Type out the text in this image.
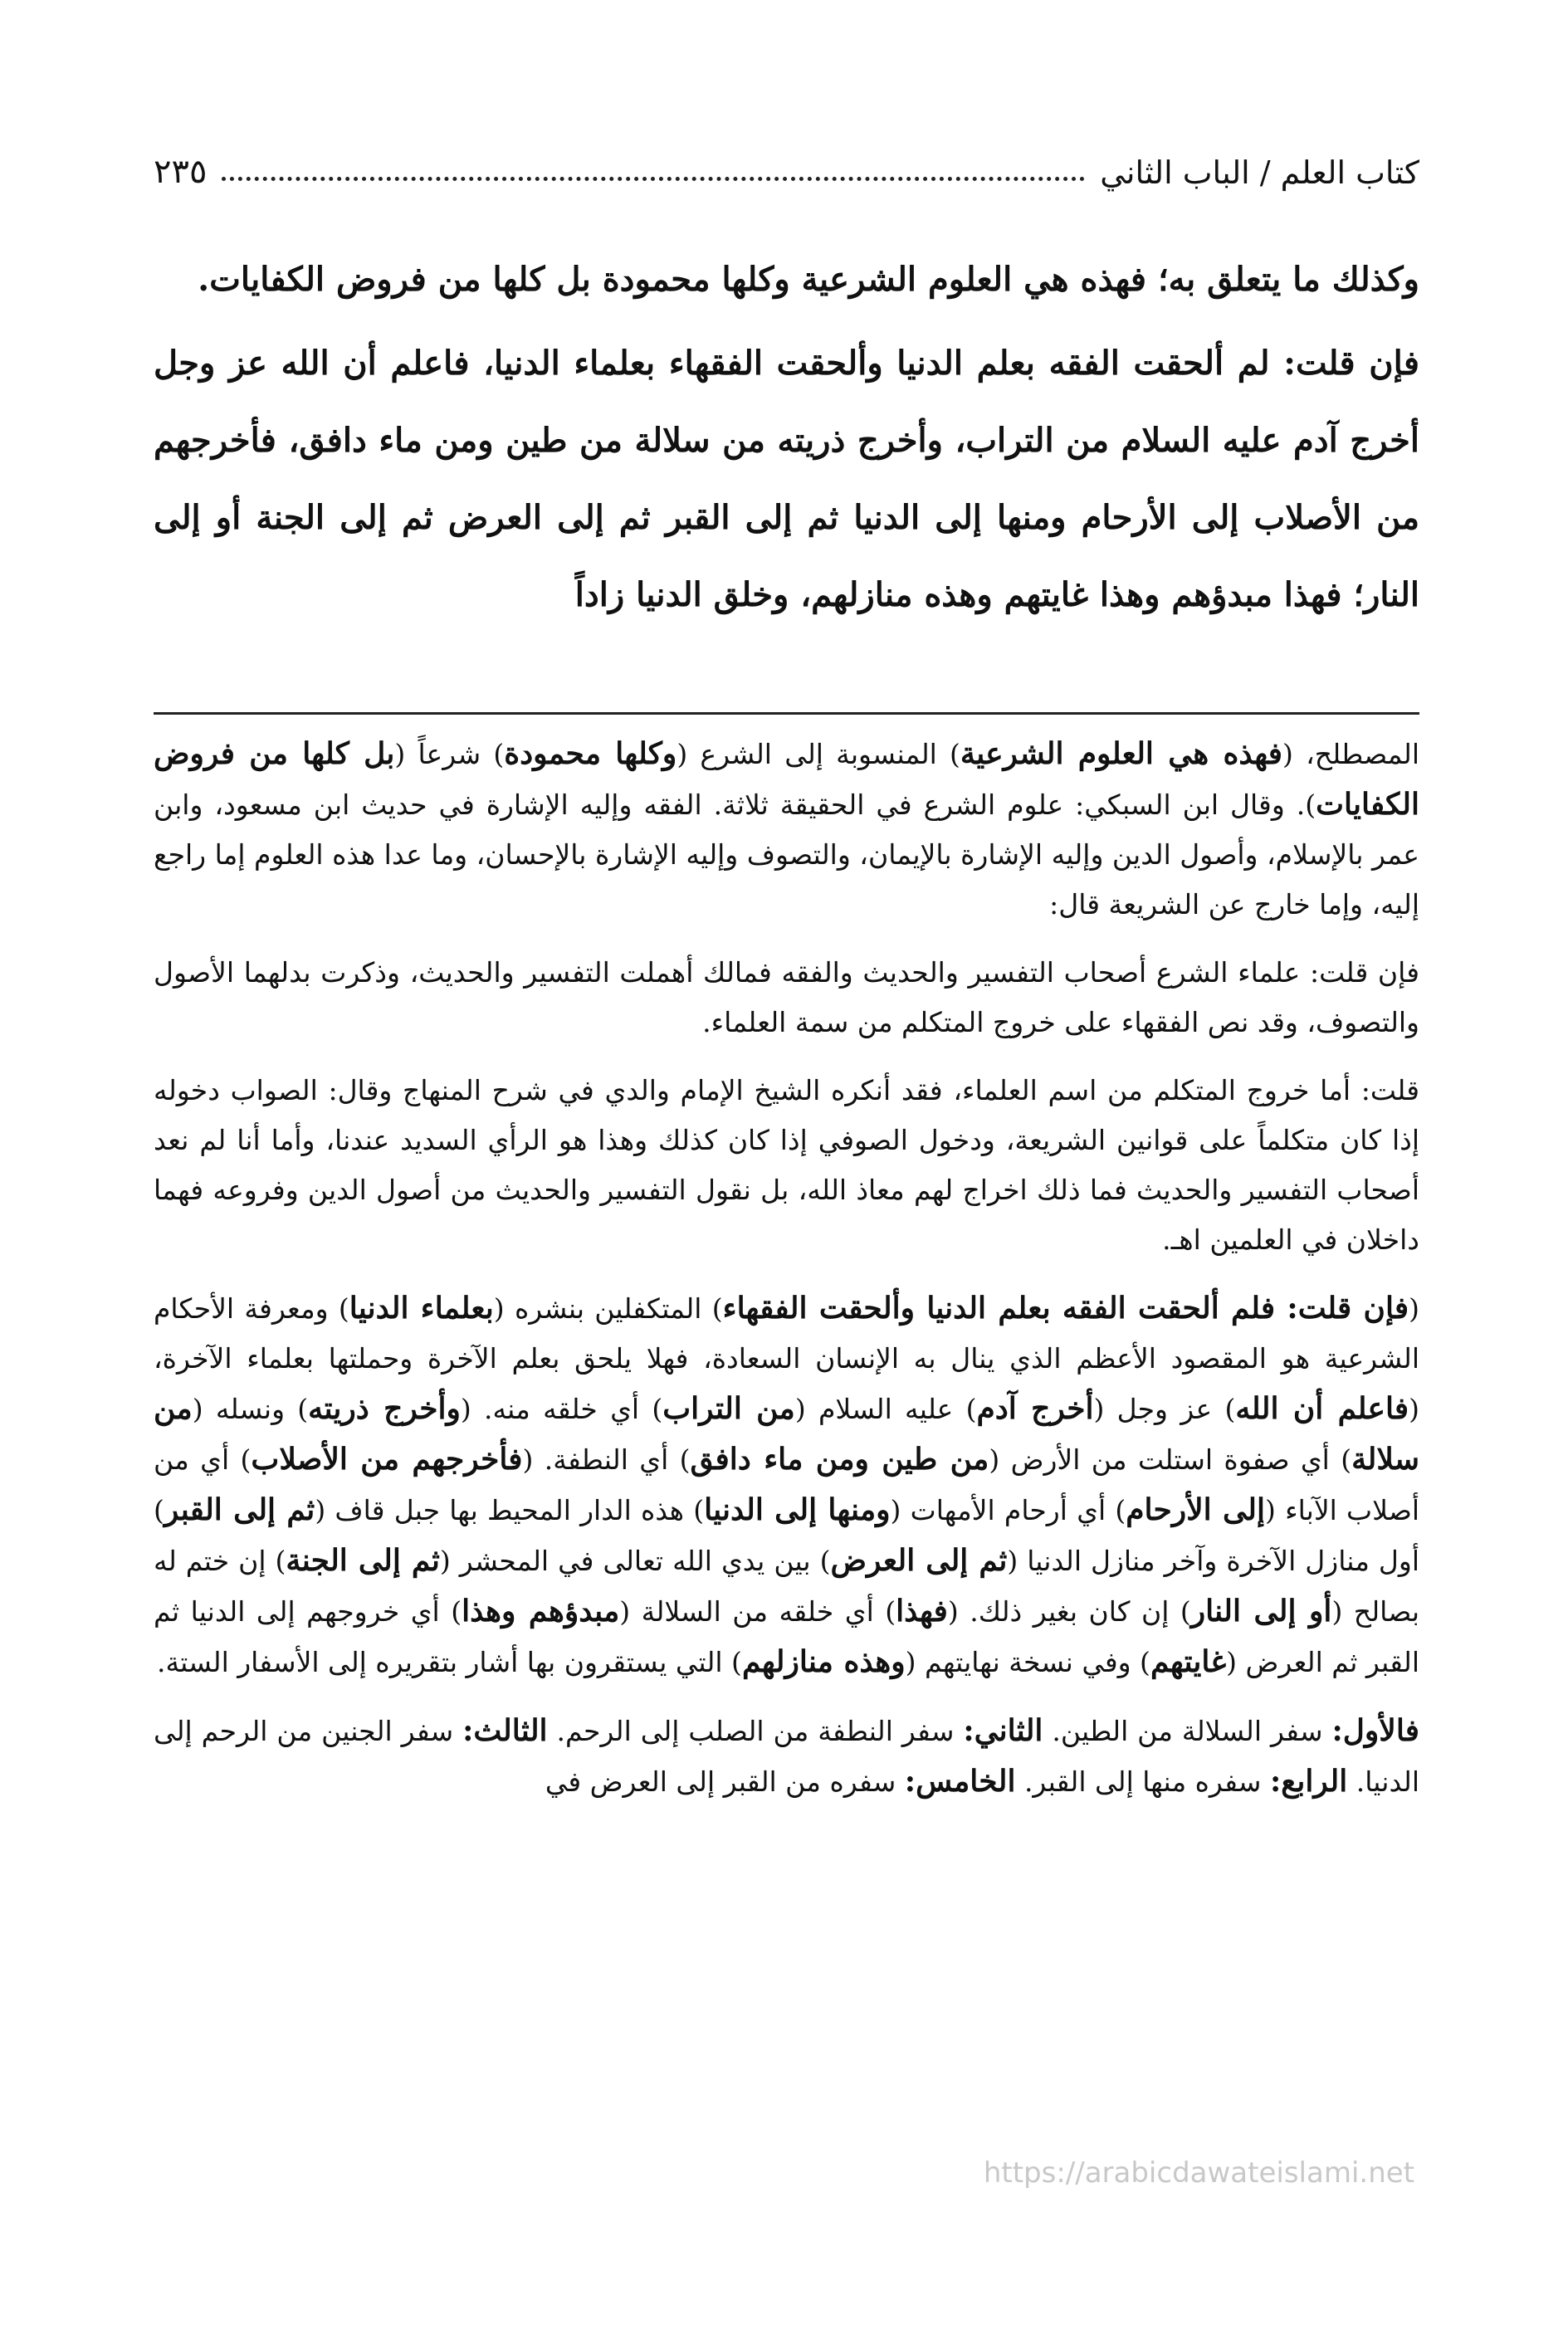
كتاب العلم / الباب الثاني
٢٣٥

وكذلك ما يتعلق به؛ فهذه هي العلوم الشرعية وكلها محمودة بل كلها من فروض الكفايات.

فإن قلت: لم ألحقت الفقه بعلم الدنيا وألحقت الفقهاء بعلماء الدنيا، فاعلم أن الله عز وجل أخرج آدم عليه السلام من التراب، وأخرج ذريته من سلالة من طين ومن ماء دافق، فأخرجهم من الأصلاب إلى الأرحام ومنها إلى الدنيا ثم إلى القبر ثم إلى العرض ثم إلى الجنة أو إلى النار؛ فهذا مبدؤهم وهذا غايتهم وهذه منازلهم، وخلق الدنيا زاداً

المصطلح، (فهذه هي العلوم الشرعية) المنسوبة إلى الشرع (وكلها محمودة) شرعاً (بل كلها من فروض الكفايات). وقال ابن السبكي: علوم الشرع في الحقيقة ثلاثة. الفقه وإليه الإشارة في حديث ابن مسعود، وابن عمر بالإسلام، وأصول الدين وإليه الإشارة بالإيمان، والتصوف وإليه الإشارة بالإحسان، وما عدا هذه العلوم إما راجع إليه، وإما خارج عن الشريعة قال:

فإن قلت: علماء الشرع أصحاب التفسير والحديث والفقه فمالك أهملت التفسير والحديث، وذكرت بدلهما الأصول والتصوف، وقد نص الفقهاء على خروج المتكلم من سمة العلماء.

قلت: أما خروج المتكلم من اسم العلماء، فقد أنكره الشيخ الإمام والدي في شرح المنهاج وقال: الصواب دخوله إذا كان متكلماً على قوانين الشريعة، ودخول الصوفي إذا كان كذلك وهذا هو الرأي السديد عندنا، وأما أنا لم نعد أصحاب التفسير والحديث فما ذلك اخراج لهم معاذ الله، بل نقول التفسير والحديث من أصول الدين وفروعه فهما داخلان في العلمين اهـ.

(فإن قلت: فلم ألحقت الفقه بعلم الدنيا وألحقت الفقهاء) المتكفلين بنشره (بعلماء الدنيا) ومعرفة الأحكام الشرعية هو المقصود الأعظم الذي ينال به الإنسان السعادة، فهلا يلحق بعلم الآخرة وحملتها بعلماء الآخرة، (فاعلم أن الله) عز وجل (أخرج آدم) عليه السلام (من التراب) أي خلقه منه. (وأخرج ذريته) ونسله (من سلالة) أي صفوة استلت من الأرض (من طين ومن ماء دافق) أي النطفة. (فأخرجهم من الأصلاب) أي من أصلاب الآباء (إلى الأرحام) أي أرحام الأمهات (ومنها إلى الدنيا) هذه الدار المحيط بها جبل قاف (ثم إلى القبر) أول منازل الآخرة وآخر منازل الدنيا (ثم إلى العرض) بين يدي الله تعالى في المحشر (ثم إلى الجنة) إن ختم له بصالح (أو إلى النار) إن كان بغير ذلك. (فهذا) أي خلقه من السلالة (مبدؤهم وهذا) أي خروجهم إلى الدنيا ثم القبر ثم العرض (غايتهم) وفي نسخة نهايتهم (وهذه منازلهم) التي يستقرون بها أشار بتقريره إلى الأسفار الستة.

فالأول: سفر السلالة من الطين. الثاني: سفر النطفة من الصلب إلى الرحم. الثالث: سفر الجنين من الرحم إلى الدنيا. الرابع: سفره منها إلى القبر. الخامس: سفره من القبر إلى العرض في

https://arabicdawateislami.net
